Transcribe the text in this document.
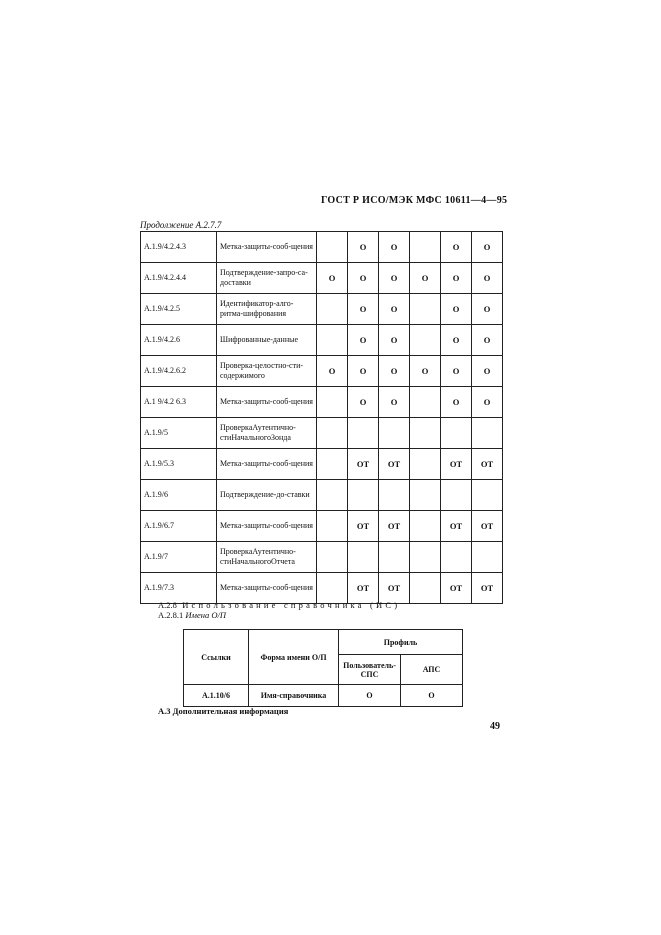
ГОСТ Р ИСО/МЭК МФС 10611—4—95
Продолжение А.2.7.7
A.1.9/4.2.4.3	Метка-защиты-сооб-щения		O	O		O	O
A.1.9/4.2.4.4	Подтверждение-запро-са-доставки	O	O	O	O	O	O
A.1.9/4.2.5	Идентификатор-алго-ритма-шифрования		O	O		O	O
A.1.9/4.2.6	Шифрованные-данные		O	O		O	O
A.1.9/4.2.6.2	Проверка-целостно-сти-содержимого	O	O	O	O	O	O
A.1 9/4.2 6.3	Метка-защиты-сооб-щения		O	O		O	O
A.1.9/5	ПроверкаАутентично-стиНачальногоЗонда						
A.1.9/5.3	Метка-защиты-сооб-щения		ОТ	ОТ		ОТ	ОТ
A.1.9/6	Подтверждение-до-ставки						
A.1.9/6.7	Метка-защиты-сооб-щения		ОТ	ОТ		ОТ	ОТ
A.1.9/7	ПроверкаАутентично-стиНачальногоОтчета						
A.1.9/7.3	Метка-защиты-сооб-щения		ОТ	ОТ		ОТ	ОТ
A.2.8 Использование справочника (ИС)
A.2.8.1 Имена О/П
Ссылки	Форма имени О/П	Профиль	
		Пользователь-СПС	АПС
A.1.10/6	Имя-справочника	O	O
А.3 Дополнительная информация
49
